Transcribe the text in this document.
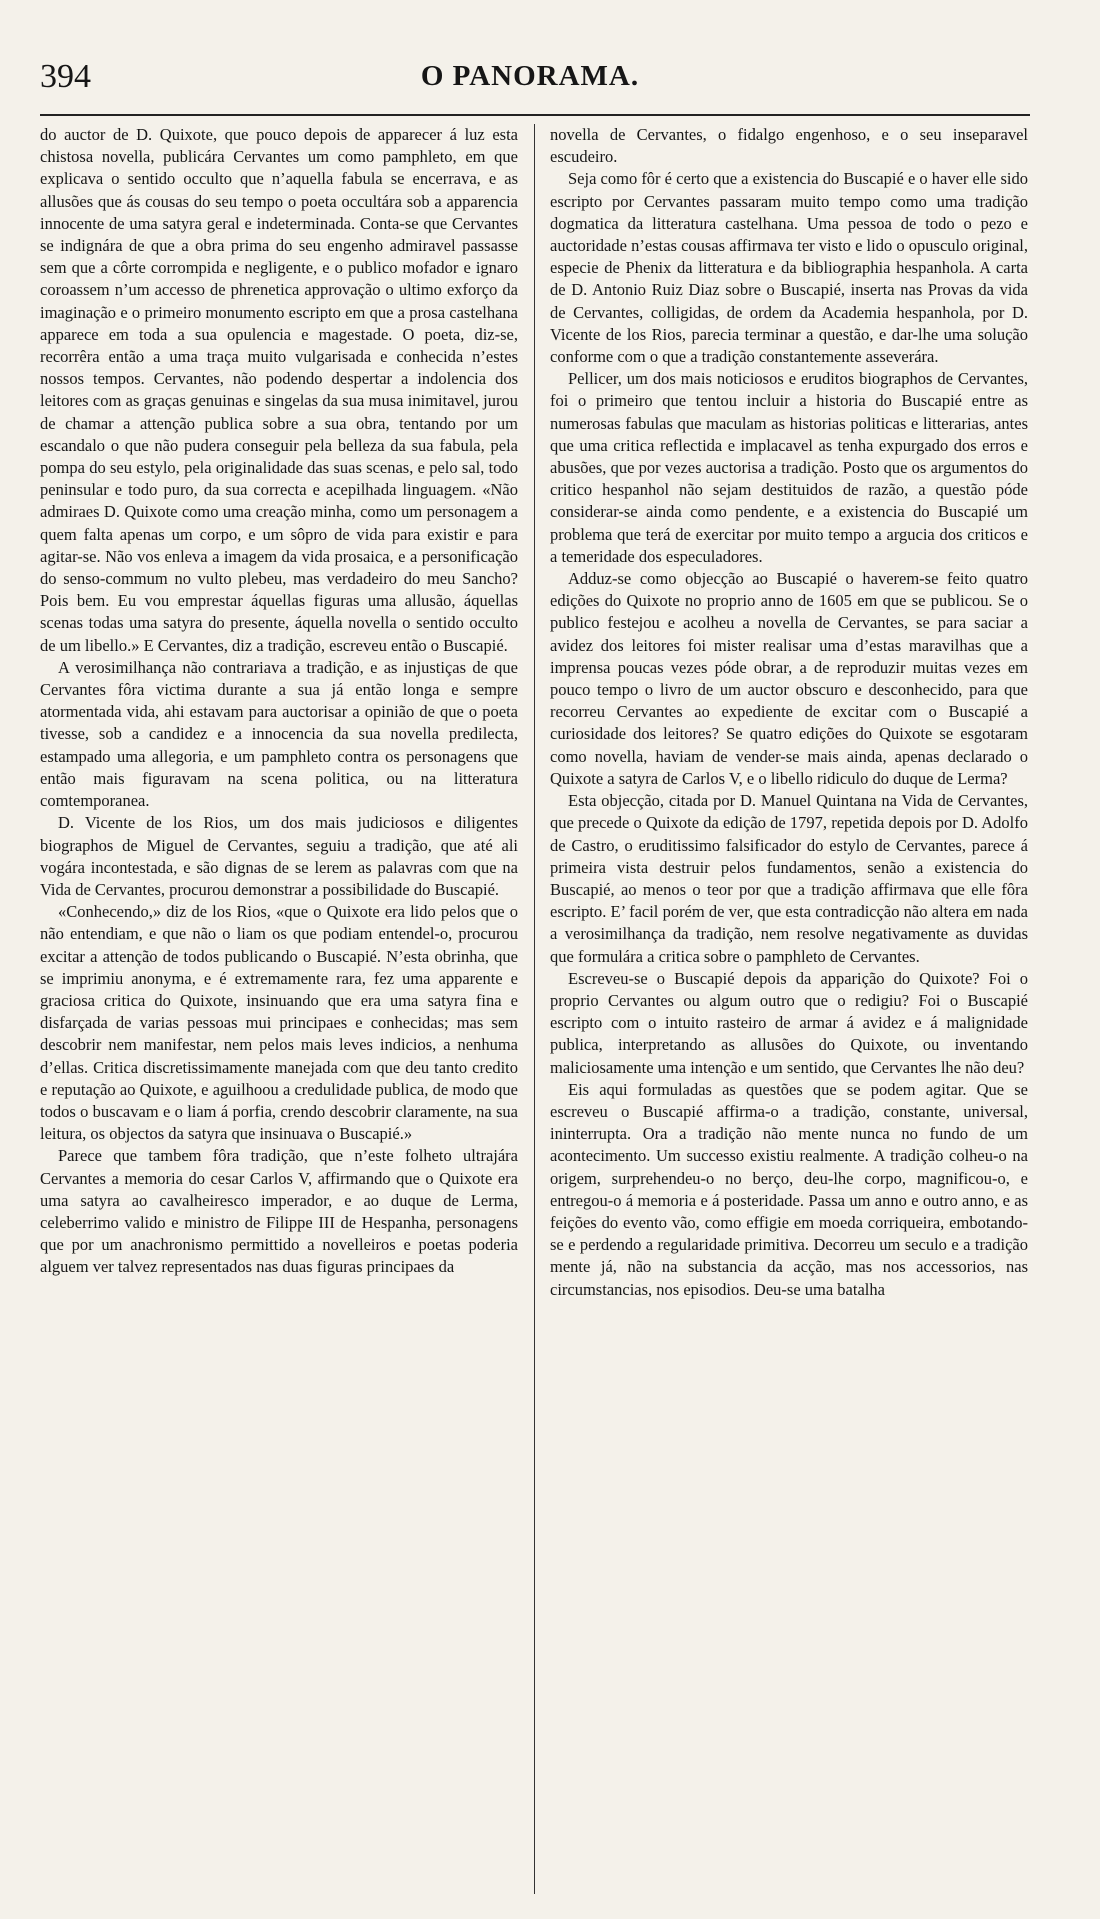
394	O PANORAMA.

do auctor de D. Quixote, que pouco depois de apparecer á luz esta chistosa novella, publicára Cervantes um como pamphleto, em que explicava o sentido occulto que n’aquella fabula se encerrava, e as allusões que ás cousas do seu tempo o poeta occultára sob a apparencia innocente de uma satyra geral e indeterminada. Conta-se que Cervantes se indignára de que a obra prima do seu engenho admiravel passasse sem que a côrte corrompida e negligente, e o publico mofador e ignaro coroassem n’um accesso de phrenetica approvação o ultimo exforço da imaginação e o primeiro monumento escripto em que a prosa castelhana apparece em toda a sua opulencia e magestade. O poeta, diz-se, recorrêra então a uma traça muito vulgarisada e conhecida n’estes nossos tempos. Cervantes, não podendo despertar a indolencia dos leitores com as graças genuinas e singelas da sua musa inimitavel, jurou de chamar a attenção publica sobre a sua obra, tentando por um escandalo o que não pudera conseguir pela belleza da sua fabula, pela pompa do seu estylo, pela originalidade das suas scenas, e pelo sal, todo peninsular e todo puro, da sua correcta e acepilhada linguagem. «Não admiraes D. Quixote como uma creação minha, como um personagem a quem falta apenas um corpo, e um sôpro de vida para existir e para agitar-se. Não vos enleva a imagem da vida prosaica, e a personificação do senso-commum no vulto plebeu, mas verdadeiro do meu Sancho? Pois bem. Eu vou emprestar áquellas figuras uma allusão, áquellas scenas todas uma satyra do presente, áquella novella o sentido occulto de um libello.» E Cervantes, diz a tradição, escreveu então o Buscapié.

A verosimilhança não contrariava a tradição, e as injustiças de que Cervantes fôra victima durante a sua já então longa e sempre atormentada vida, ahi estavam para auctorisar a opinião de que o poeta tivesse, sob a candidez e a innocencia da sua novella predilecta, estampado uma allegoria, e um pamphleto contra os personagens que então mais figuravam na scena politica, ou na litteratura comtemporanea.

D. Vicente de los Rios, um dos mais judiciosos e diligentes biographos de Miguel de Cervantes, seguiu a tradição, que até ali vogára incontestada, e são dignas de se lerem as palavras com que na Vida de Cervantes, procurou demonstrar a possibilidade do Buscapié.

«Conhecendo,» diz de los Rios, «que o Quixote era lido pelos que o não entendiam, e que não o liam os que podiam entendel-o, procurou excitar a attenção de todos publicando o Buscapié. N’esta obrinha, que se imprimiu anonyma, e é extremamente rara, fez uma apparente e graciosa critica do Quixote, insinuando que era uma satyra fina e disfarçada de varias pessoas mui principaes e conhecidas; mas sem descobrir nem manifestar, nem pelos mais leves indicios, a nenhuma d’ellas. Critica discretissimamente manejada com que deu tanto credito e reputação ao Quixote, e aguilhoou a credulidade publica, de modo que todos o buscavam e o liam á porfia, crendo descobrir claramente, na sua leitura, os objectos da satyra que insinuava o Buscapié.»

Parece que tambem fôra tradição, que n’este folheto ultrajára Cervantes a memoria do cesar Carlos V, affirmando que o Quixote era uma satyra ao cavalheiresco imperador, e ao duque de Lerma, celeberrimo valido e ministro de Filippe III de Hespanha, personagens que por um anachronismo permittido a novelleiros e poetas poderia alguem ver talvez representados nas duas figuras principaes da

novella de Cervantes, o fidalgo engenhoso, e o seu inseparavel escudeiro.

Seja como fôr é certo que a existencia do Buscapié e o haver elle sido escripto por Cervantes passaram muito tempo como uma tradição dogmatica da litteratura castelhana. Uma pessoa de todo o pezo e auctoridade n’estas cousas affirmava ter visto e lido o opusculo original, especie de Phenix da litteratura e da bibliographia hespanhola. A carta de D. Antonio Ruiz Diaz sobre o Buscapié, inserta nas Provas da vida de Cervantes, colligidas, de ordem da Academia hespanhola, por D. Vicente de los Rios, parecia terminar a questão, e dar-lhe uma solução conforme com o que a tradição constantemente asseverára.

Pellicer, um dos mais noticiosos e eruditos biographos de Cervantes, foi o primeiro que tentou incluir a historia do Buscapié entre as numerosas fabulas que maculam as historias politicas e litterarias, antes que uma critica reflectida e implacavel as tenha expurgado dos erros e abusões, que por vezes auctorisa a tradição. Posto que os argumentos do critico hespanhol não sejam destituidos de razão, a questão póde considerar-se ainda como pendente, e a existencia do Buscapié um problema que terá de exercitar por muito tempo a argucia dos criticos e a temeridade dos especuladores.

Adduz-se como objecção ao Buscapié o haverem-se feito quatro edições do Quixote no proprio anno de 1605 em que se publicou. Se o publico festejou e acolheu a novella de Cervantes, se para saciar a avidez dos leitores foi mister realisar uma d’estas maravilhas que a imprensa poucas vezes póde obrar, a de reproduzir muitas vezes em pouco tempo o livro de um auctor obscuro e desconhecido, para que recorreu Cervantes ao expediente de excitar com o Buscapié a curiosidade dos leitores? Se quatro edições do Quixote se esgotaram como novella, haviam de vender-se mais ainda, apenas declarado o Quixote a satyra de Carlos V, e o libello ridiculo do duque de Lerma?

Esta objecção, citada por D. Manuel Quintana na Vida de Cervantes, que precede o Quixote da edição de 1797, repetida depois por D. Adolfo de Castro, o eruditissimo falsificador do estylo de Cervantes, parece á primeira vista destruir pelos fundamentos, senão a existencia do Buscapié, ao menos o teor por que a tradição affirmava que elle fôra escripto. E’ facil porém de ver, que esta contradicção não altera em nada a verosimilhança da tradição, nem resolve negativamente as duvidas que formulára a critica sobre o pamphleto de Cervantes.

Escreveu-se o Buscapié depois da apparição do Quixote? Foi o proprio Cervantes ou algum outro que o redigiu? Foi o Buscapié escripto com o intuito rasteiro de armar á avidez e á malignidade publica, interpretando as allusões do Quixote, ou inventando maliciosamente uma intenção e um sentido, que Cervantes lhe não deu?

Eis aqui formuladas as questões que se podem agitar. Que se escreveu o Buscapié affirma-o a tradição, constante, universal, ininterrupta. Ora a tradição não mente nunca no fundo de um acontecimento. Um successo existiu realmente. A tradição colheu-o na origem, surprehendeu-o no berço, deu-lhe corpo, magnificou-o, e entregou-o á memoria e á posteridade. Passa um anno e outro anno, e as feições do evento vão, como effigie em moeda corriqueira, embotando-se e perdendo a regularidade primitiva. Decorreu um seculo e a tradição mente já, não na substancia da acção, mas nos accessorios, nas circumstancias, nos episodios. Deu-se uma batalha
